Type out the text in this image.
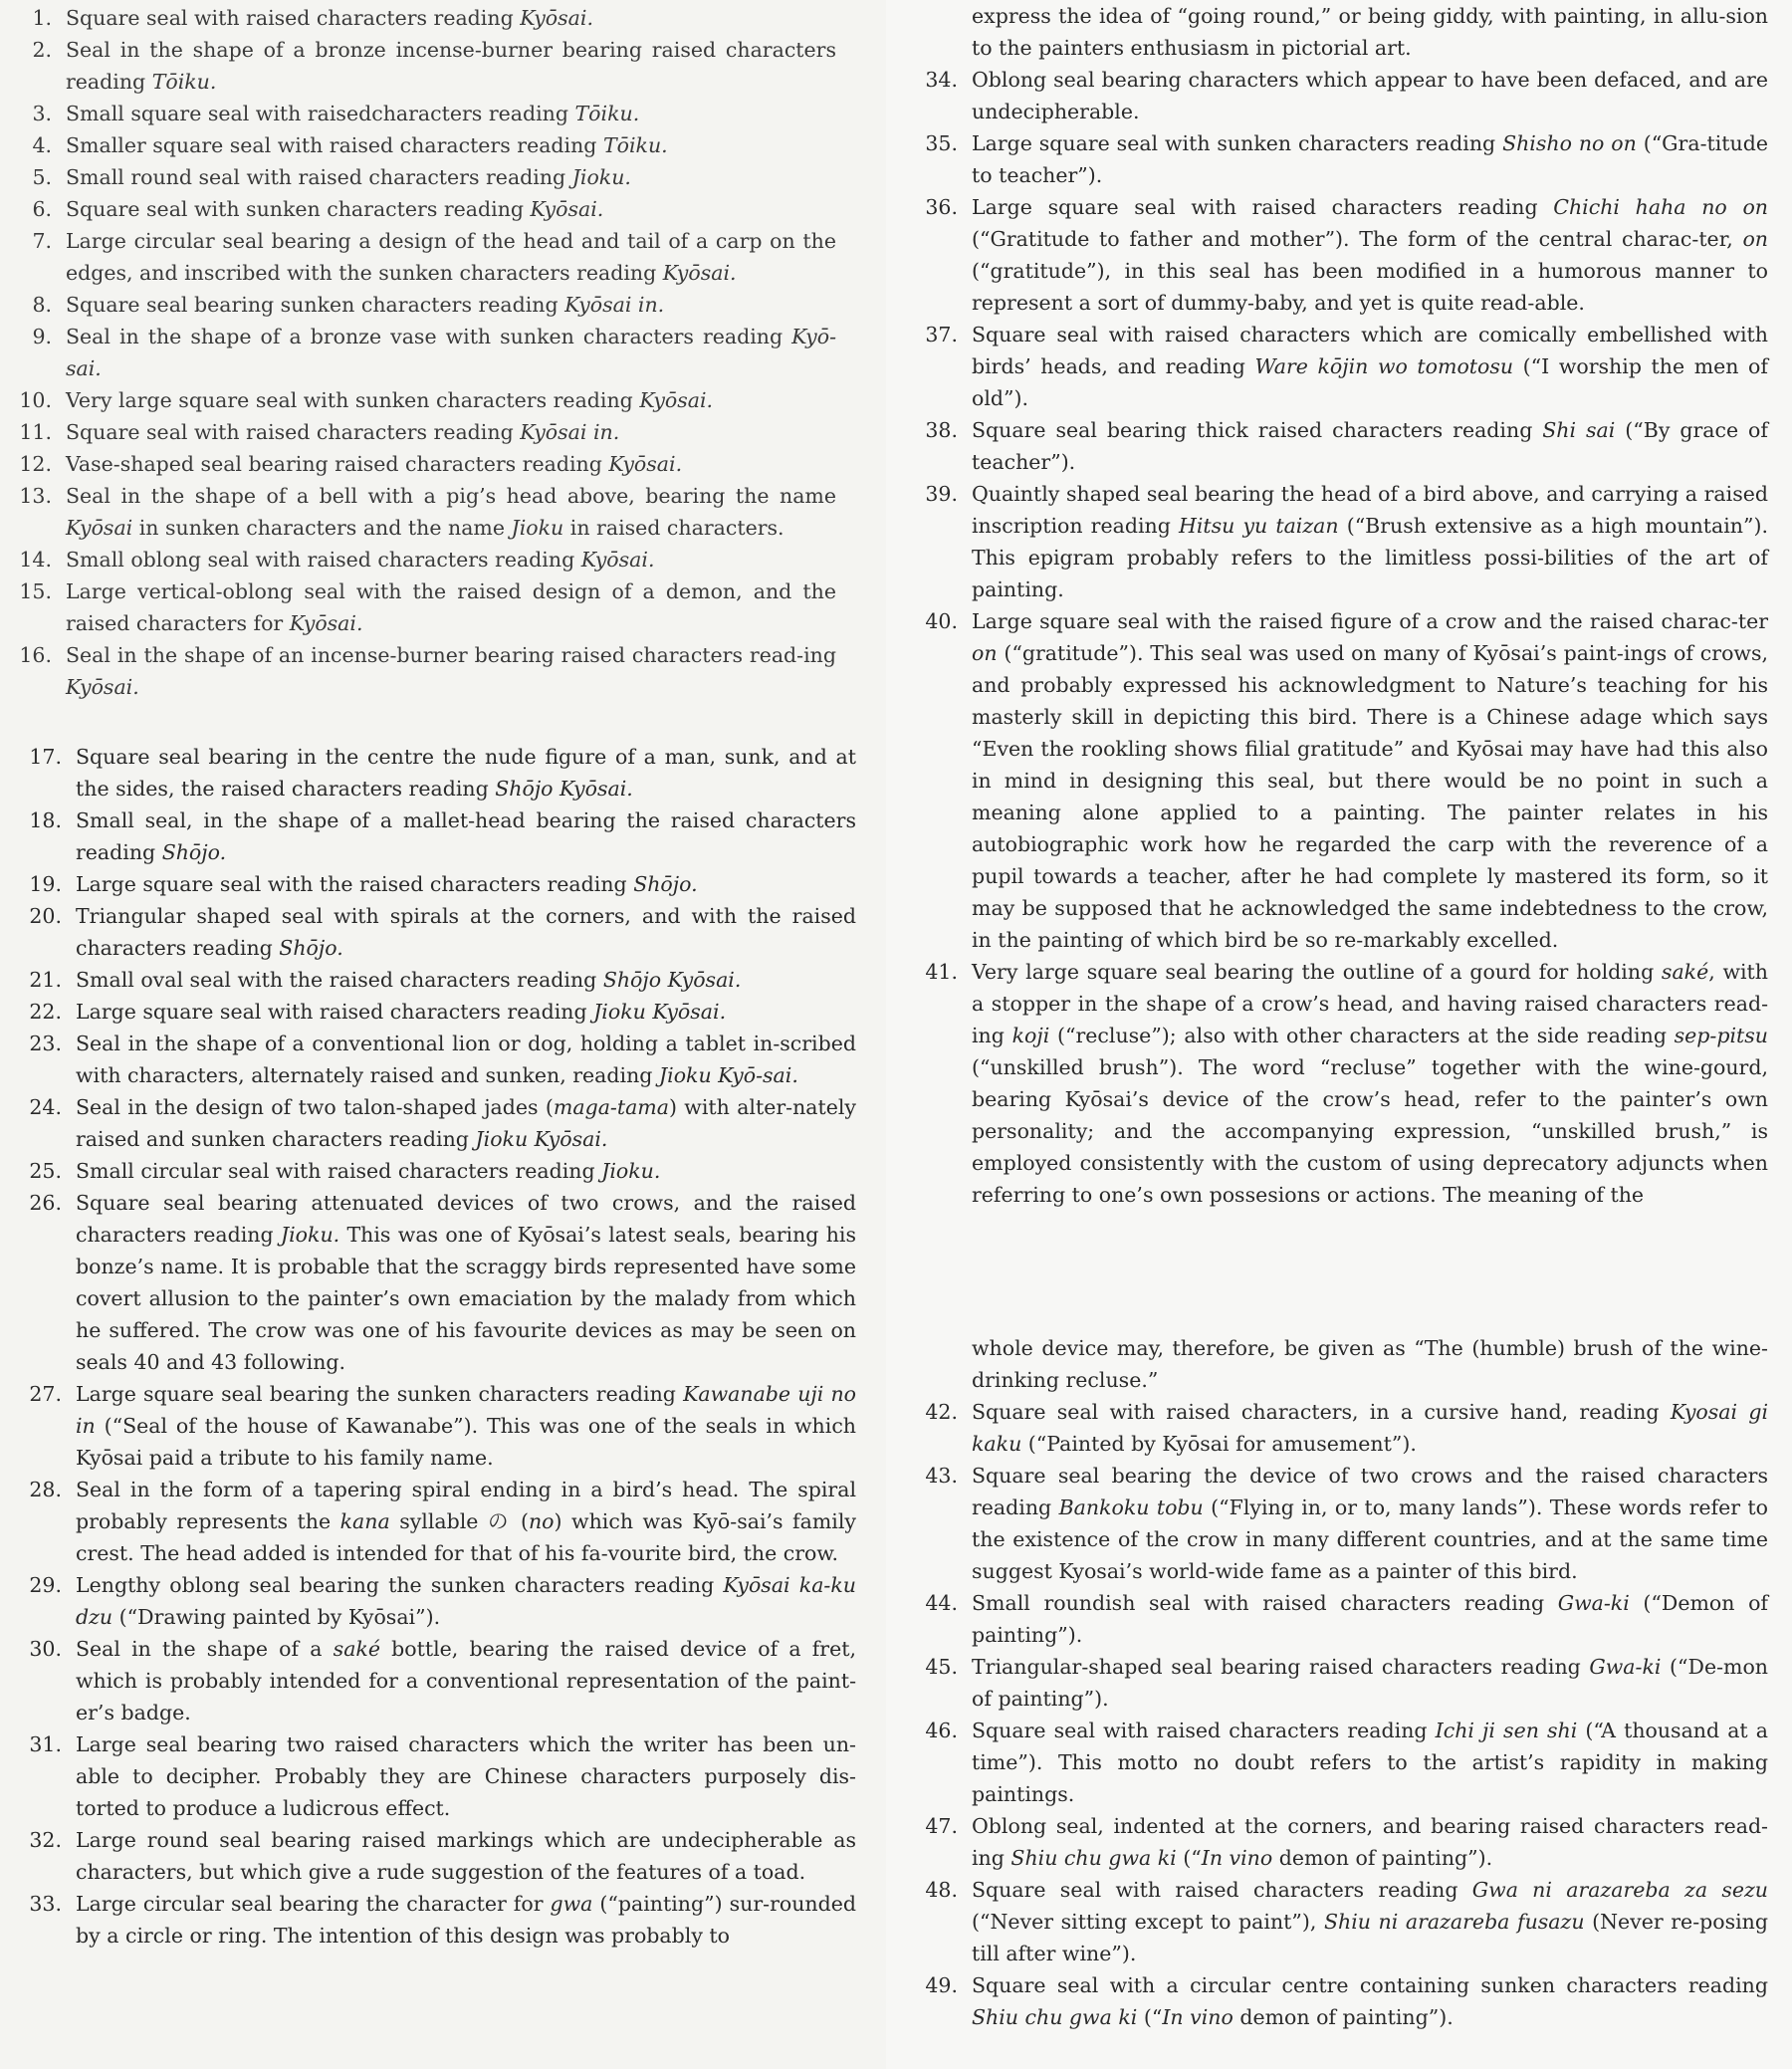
1. Square seal with raised characters reading Kyōsai.
2. Seal in the shape of a bronze incense-burner bearing raised characters reading Tōiku.
3. Small square seal with raisedcharacters reading Tōiku.
4. Smaller square seal with raised characters reading Tōiku.
5. Small round seal with raised characters reading Jioku.
6. Square seal with sunken characters reading Kyōsai.
7. Large circular seal bearing a design of the head and tail of a carp on the edges, and inscribed with the sunken characters reading Kyōsai.
8. Square seal bearing sunken characters reading Kyōsai in.
9. Seal in the shape of a bronze vase with sunken characters reading Kyō-sai.
10. Very large square seal with sunken characters reading Kyōsai.
11. Square seal with raised characters reading Kyōsai in.
12. Vase-shaped seal bearing raised characters reading Kyōsai.
13. Seal in the shape of a bell with a pig’s head above, bearing the name Kyōsai in sunken characters and the name Jioku in raised characters.
14. Small oblong seal with raised characters reading Kyōsai.
15. Large vertical-oblong seal with the raised design of a demon, and the raised characters for Kyōsai.
16. Seal in the shape of an incense-burner bearing raised characters read-ing Kyōsai.
17. Square seal bearing in the centre the nude figure of a man, sunk, and at the sides, the raised characters reading Shōjo Kyōsai.
18. Small seal, in the shape of a mallet-head bearing the raised characters reading Shōjo.
19. Large square seal with the raised characters reading Shōjo.
20. Triangular shaped seal with spirals at the corners, and with the raised characters reading Shōjo.
21. Small oval seal with the raised characters reading Shōjo Kyōsai.
22. Large square seal with raised characters reading Jioku Kyōsai.
23. Seal in the shape of a conventional lion or dog, holding a tablet in-scribed with characters, alternately raised and sunken, reading Jioku Kyō-sai.
24. Seal in the design of two talon-shaped jades (maga-tama) with alter-nately raised and sunken characters reading Jioku Kyōsai.
25. Small circular seal with raised characters reading Jioku.
26. Square seal bearing attenuated devices of two crows, and the raised characters reading Jioku. This was one of Kyōsai’s latest seals, bearing his bonze’s name. It is probable that the scraggy birds represented have some covert allusion to the painter’s own emaciation by the malady from which he suffered. The crow was one of his favourite devices as may be seen on seals 40 and 43 following.
27. Large square seal bearing the sunken characters reading Kawanabe uji no in (“Seal of the house of Kawanabe”). This was one of the seals in which Kyōsai paid a tribute to his family name.
28. Seal in the form of a tapering spiral ending in a bird’s head. The spiral probably represents the kana syllable の (no) which was Kyō-sai’s family crest. The head added is intended for that of his fa-vourite bird, the crow.
29. Lengthy oblong seal bearing the sunken characters reading Kyōsai ka-ku dzu (“Drawing painted by Kyōsai”).
30. Seal in the shape of a saké bottle, bearing the raised device of a fret, which is probably intended for a conventional representation of the paint-er’s badge.
31. Large seal bearing two raised characters which the writer has been un-able to decipher. Probably they are Chinese characters purposely dis-torted to produce a ludicrous effect.
32. Large round seal bearing raised markings which are undecipherable as characters, but which give a rude suggestion of the features of a toad.
33. Large circular seal bearing the character for gwa (“painting”) sur-rounded by a circle or ring. The intention of this design was probably to
express the idea of “going round,” or being giddy, with painting, in allu-sion to the painters enthusiasm in pictorial art.
34. Oblong seal bearing characters which appear to have been defaced, and are undecipherable.
35. Large square seal with sunken characters reading Shisho no on (“Gra-titude to teacher”).
36. Large square seal with raised characters reading Chichi haha no on (“Gratitude to father and mother”). The form of the central charac-ter, on (“gratitude”), in this seal has been modified in a humorous manner to represent a sort of dummy-baby, and yet is quite read-able.
37. Square seal with raised characters which are comically embellished with birds’ heads, and reading Ware kōjin wo tomotosu (“I worship the men of old”).
38. Square seal bearing thick raised characters reading Shi sai (“By grace of teacher”).
39. Quaintly shaped seal bearing the head of a bird above, and carrying a raised inscription reading Hitsu yu taizan (“Brush extensive as a high mountain”). This epigram probably refers to the limitless possi-bilities of the art of painting.
40. Large square seal with the raised figure of a crow and the raised charac-ter on (“gratitude”). This seal was used on many of Kyōsai’s paint-ings of crows, and probably expressed his acknowledgment to Nature’s teaching for his masterly skill in depicting this bird. There is a Chinese adage which says “Even the rookling shows filial gratitude” and Kyōsai may have had this also in mind in designing this seal, but there would be no point in such a meaning alone applied to a painting. The painter relates in his autobiographic work how he regarded the carp with the reverence of a pupil towards a teacher, after he had complete ly mastered its form, so it may be supposed that he acknowledged the same indebtedness to the crow, in the painting of which bird be so re-markably excelled.
41. Very large square seal bearing the outline of a gourd for holding saké, with a stopper in the shape of a crow’s head, and having raised characters read-ing koji (“recluse”); also with other characters at the side reading sep-pitsu (“unskilled brush”). The word “recluse” together with the wine-gourd, bearing Kyōsai’s device of the crow’s head, refer to the painter’s own personality; and the accompanying expression, “unskilled brush,” is employed consistently with the custom of using deprecatory adjuncts when referring to one’s own possesions or actions. The meaning of the
whole device may, therefore, be given as “The (humble) brush of the wine-drinking recluse.”
42. Square seal with raised characters, in a cursive hand, reading Kyosai gi kaku (“Painted by Kyōsai for amusement”).
43. Square seal bearing the device of two crows and the raised characters reading Bankoku tobu (“Flying in, or to, many lands”). These words refer to the existence of the crow in many different countries, and at the same time suggest Kyosai’s world-wide fame as a painter of this bird.
44. Small roundish seal with raised characters reading Gwa-ki (“Demon of painting”).
45. Triangular-shaped seal bearing raised characters reading Gwa-ki (“De-mon of painting”).
46. Square seal with raised characters reading Ichi ji sen shi (“A thousand at a time”). This motto no doubt refers to the artist’s rapidity in making paintings.
47. Oblong seal, indented at the corners, and bearing raised characters read-ing Shiu chu gwa ki (“In vino demon of painting”).
48. Square seal with raised characters reading Gwa ni arazareba za sezu (“Never sitting except to paint”), Shiu ni arazareba fusazu (Never re-posing till after wine”).
49. Square seal with a circular centre containing sunken characters reading Shiu chu gwa ki (“In vino demon of painting”).
